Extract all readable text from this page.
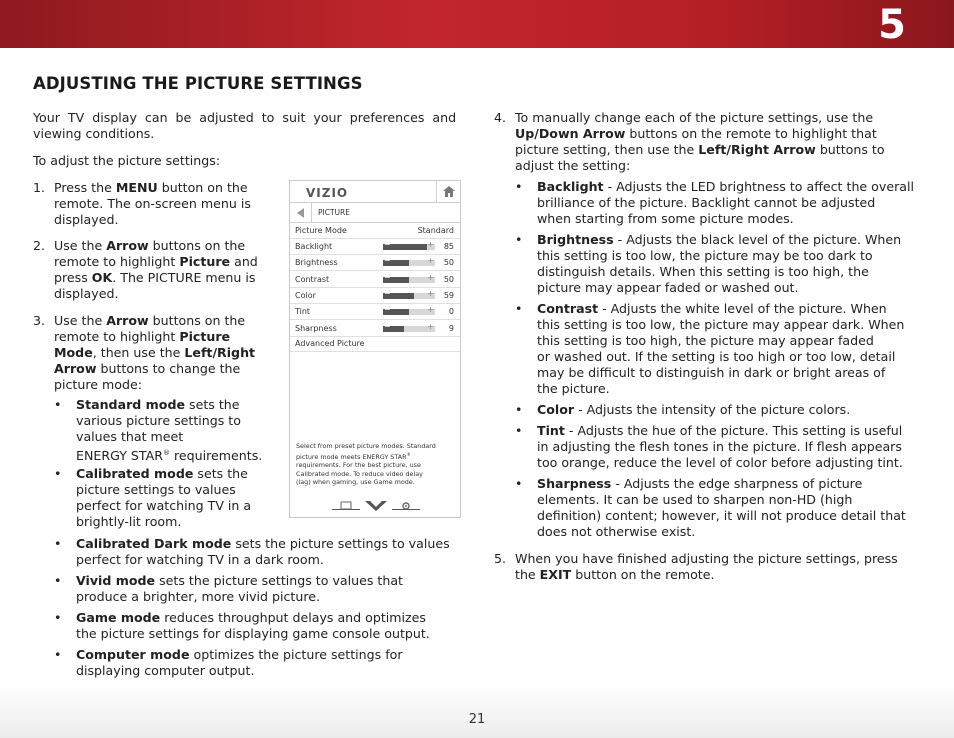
5
ADJUSTING THE PICTURE SETTINGS
Your  TV  display  can  be  adjusted  to  suit  your  preferences  and
viewing conditions.
To adjust the picture settings:
1. Press the MENU button on the
remote. The on-screen menu is
displayed.
2. Use the Arrow buttons on the
remote to highlight Picture and
press OK. The PICTURE menu is
displayed.
3. Use the Arrow buttons on the
remote to highlight Picture
Mode, then use the Left/Right
Arrow buttons to change the
picture mode:
• Standard mode sets the
various picture settings to
values that meet
ENERGY STAR® requirements.
• Calibrated mode sets the
picture settings to values
perfect for watching TV in a
brightly-lit room.
• Calibrated Dark mode sets the picture settings to values
perfect for watching TV in a dark room.
• Vivid mode sets the picture settings to values that
produce a brighter, more vivid picture.
• Game mode reduces throughput delays and optimizes
the picture settings for displaying game console output.
• Computer mode optimizes the picture settings for
displaying computer output.
VIZIO
PICTURE
Picture Mode	Standard
Backlight	−	+ 85
Brightness	−	+ 50
Contrast	−	+ 50
Color	−	+ 59
Tint	−	+ 0
Sharpness	−	+ 9
Advanced Picture
Select from preset picture modes. Standard
picture mode meets ENERGY STAR®
requirements. For the best picture, use
Calibrated mode. To reduce video delay
(lag) when gaming, use Game mode.
4. To manually change each of the picture settings, use the
Up/Down Arrow buttons on the remote to highlight that
picture setting, then use the Left/Right Arrow buttons to
adjust the setting:
• Backlight - Adjusts the LED brightness to affect the overall
brilliance of the picture. Backlight cannot be adjusted
when starting from some picture modes.
• Brightness - Adjusts the black level of the picture. When
this setting is too low, the picture may be too dark to
distinguish details. When this setting is too high, the
picture may appear faded or washed out.
• Contrast - Adjusts the white level of the picture. When
this setting is too low, the picture may appear dark. When
this setting is too high, the picture may appear faded
or washed out. If the setting is too high or too low, detail
may be difficult to distinguish in dark or bright areas of
the picture.
• Color - Adjusts the intensity of the picture colors.
• Tint - Adjusts the hue of the picture. This setting is useful
in adjusting the flesh tones in the picture. If flesh appears
too orange, reduce the level of color before adjusting tint.
• Sharpness - Adjusts the edge sharpness of picture
elements. It can be used to sharpen non-HD (high
definition) content; however, it will not produce detail that
does not otherwise exist.
5. When you have finished adjusting the picture settings, press
the EXIT button on the remote.
21
